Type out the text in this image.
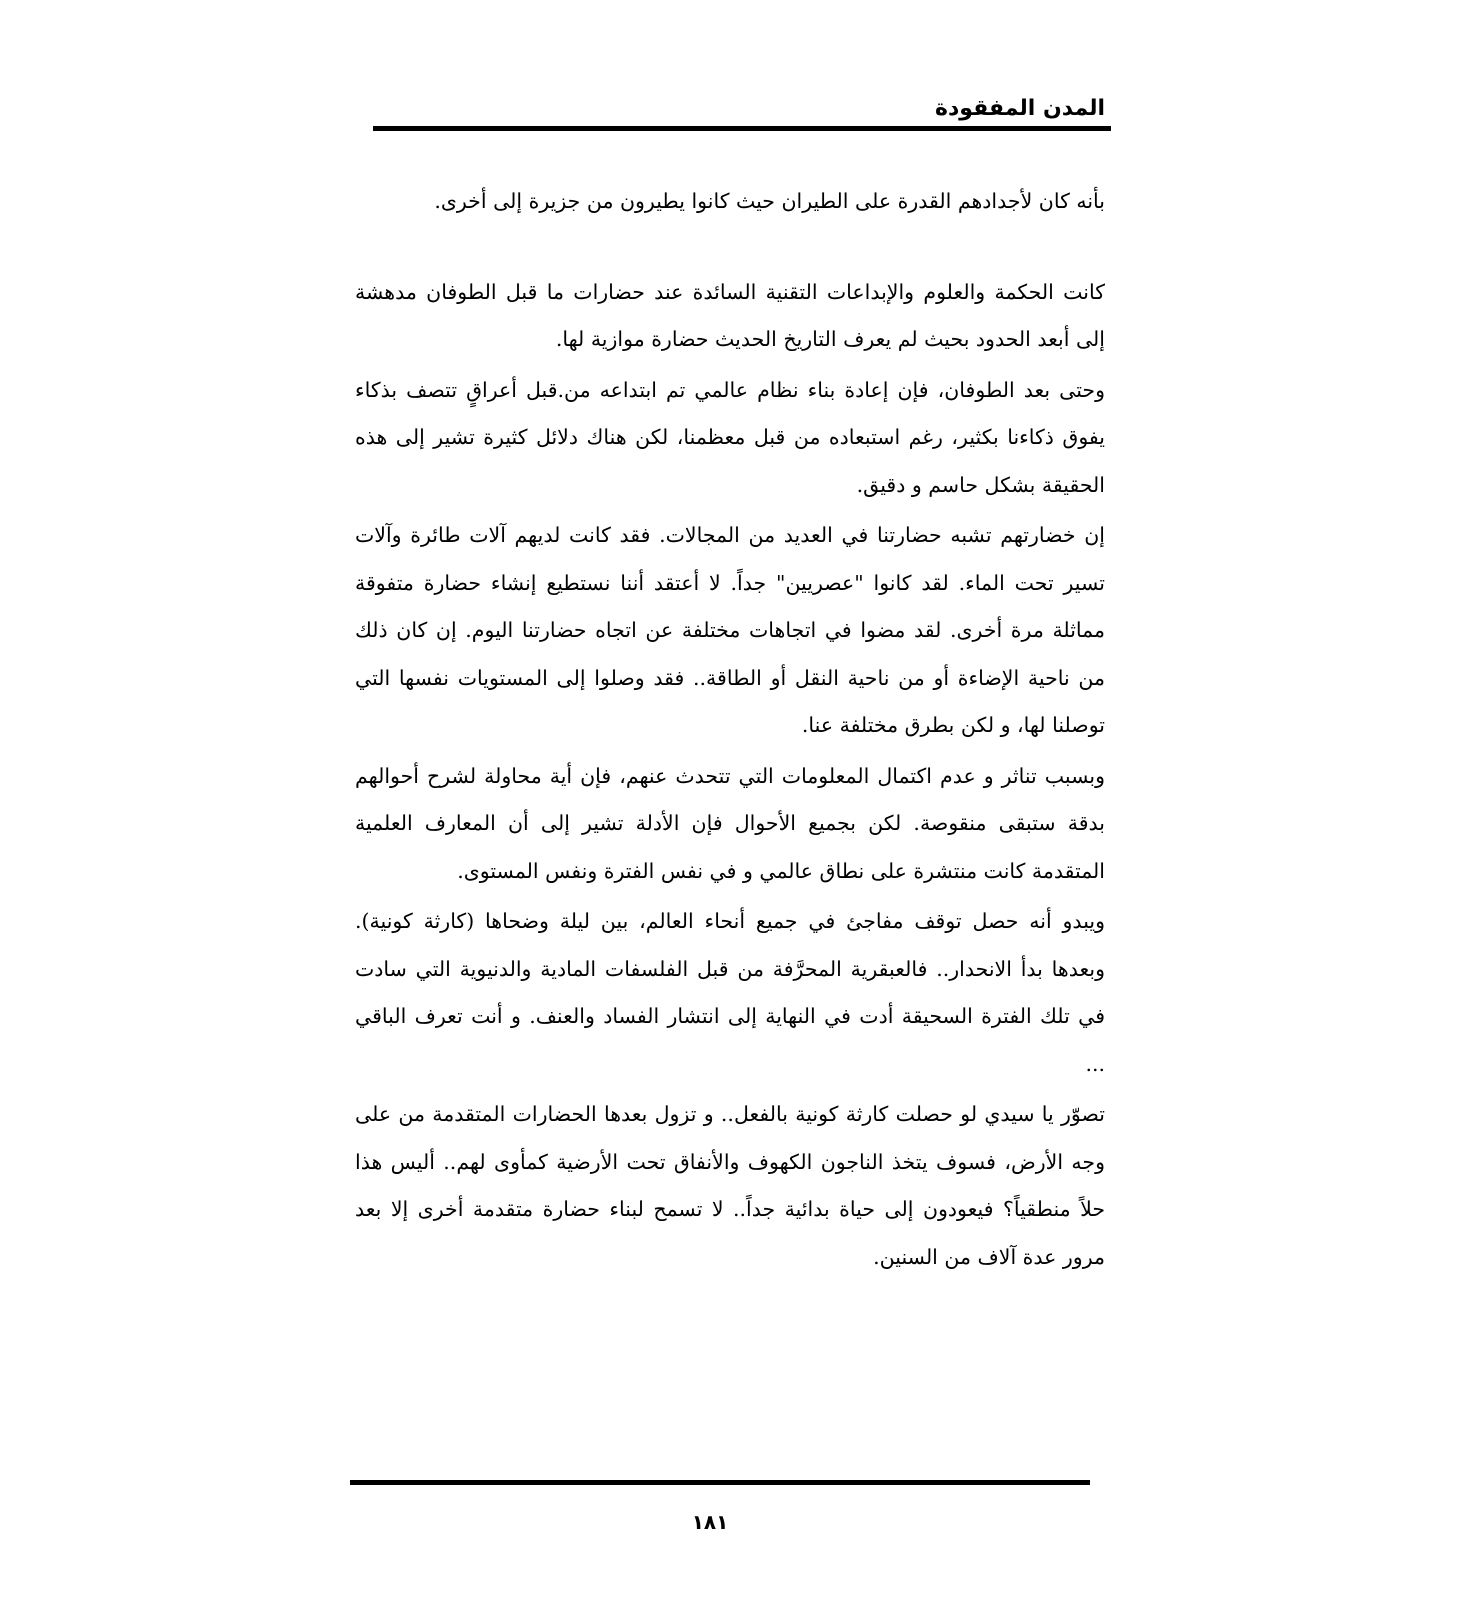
المدن المفقودة

بأنه كان لأجدادهم القدرة على الطيران حيث كانوا يطيرون من جزيرة إلى أخرى.

كانت الحكمة والعلوم والإبداعات التقنية السائدة عند حضارات ما قبل الطوفان مدهشة إلى أبعد الحدود بحيث لم يعرف التاريخ الحديث حضارة موازية لها.

وحتى بعد الطوفان، فإن إعادة بناء نظام عالمي تم ابتداعه من.قبل أعراقٍ تتصف بذكاء يفوق ذكاءنا بكثير، رغم استبعاده من قبل معظمنا، لكن هناك دلائل كثيرة تشير إلى هذه الحقيقة بشكل حاسم و دقيق.

إن خضارتهم تشبه حضارتنا في العديد من المجالات. فقد كانت لديهم آلات طائرة وآلات تسير تحت الماء. لقد كانوا "عصريين" جداً. لا أعتقد أننا نستطيع إنشاء حضارة متفوقة مماثلة مرة أخرى. لقد مضوا في اتجاهات مختلفة عن اتجاه حضارتنا اليوم. إن كان ذلك من ناحية الإضاءة أو من ناحية النقل أو الطاقة.. فقد وصلوا إلى المستويات نفسها التي توصلنا لها، و لكن بطرق مختلفة عنا.

وبسبب تناثر و عدم اكتمال المعلومات التي تتحدث عنهم، فإن أية محاولة لشرح أحوالهم بدقة ستبقى منقوصة. لكن بجميع الأحوال فإن الأدلة تشير إلى أن المعارف العلمية المتقدمة كانت منتشرة على نطاق عالمي و في نفس الفترة ونفس المستوى.

ويبدو أنه حصل توقف مفاجئ في جميع أنحاء العالم، بين ليلة وضحاها (كارثة كونية). وبعدها بدأ الانحدار.. فالعبقرية المحرَّفة من قبل الفلسفات المادية والدنيوية التي سادت في تلك الفترة السحيقة أدت في النهاية إلى انتشار الفساد والعنف. و أنت تعرف الباقي ...

تصوّر يا سيدي لو حصلت كارثة كونية بالفعل.. و تزول بعدها الحضارات المتقدمة من على وجه الأرض، فسوف يتخذ الناجون الكهوف والأنفاق تحت الأرضية كمأوى لهم.. أليس هذا حلاً منطقياً؟ فيعودون إلى حياة بدائية جداً.. لا تسمح لبناء حضارة متقدمة أخرى إلا بعد مرور عدة آلاف من السنين.

١٨١
